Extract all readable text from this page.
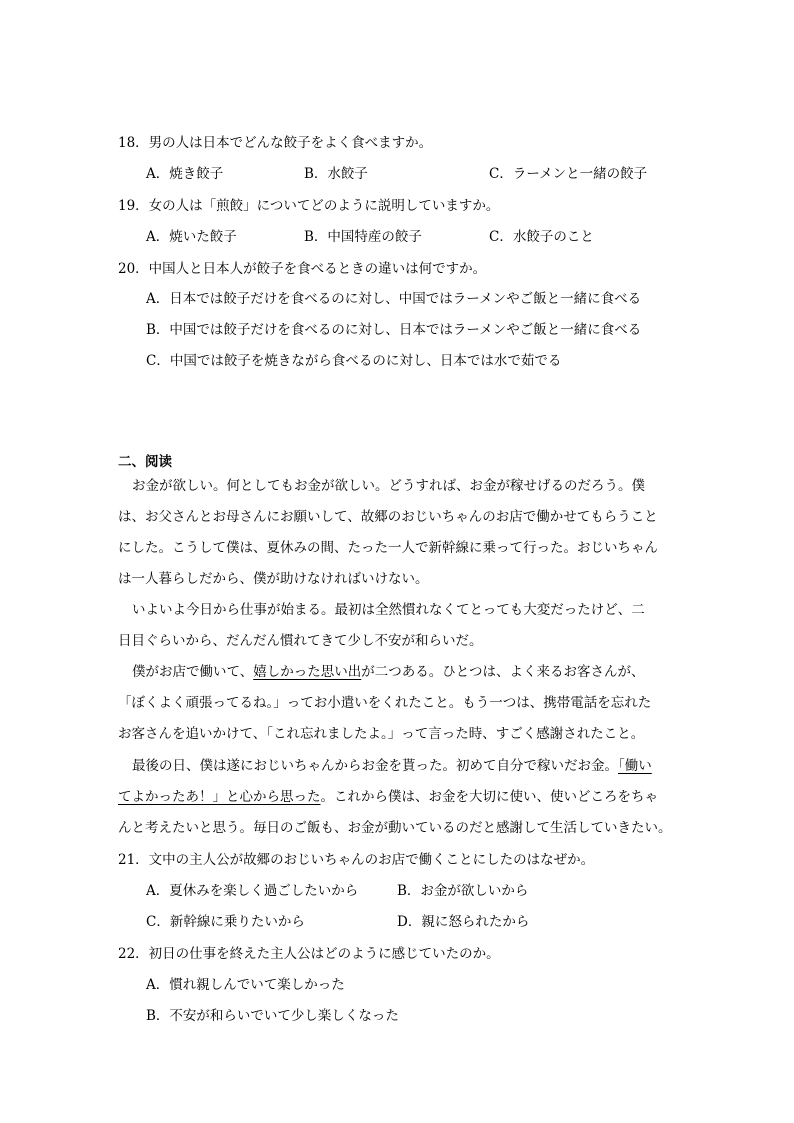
18．男の人は日本でどんな餃子をよく食べますか。
A．焼き餃子	B．水餃子	C．ラーメンと一緒の餃子
19．女の人は「煎餃」についてどのように説明していますか。
A．焼いた餃子	B．中国特産の餃子	C．水餃子のこと
20．中国人と日本人が餃子を食べるときの違いは何ですか。
A．日本では餃子だけを食べるのに対し、中国ではラーメンやご飯と一緒に食べる
B．中国では餃子だけを食べるのに対し、日本ではラーメンやご飯と一緒に食べる
C．中国では餃子を焼きながら食べるのに対し、日本では水で茹でる
二、阅读
お金が欲しい。何としてもお金が欲しい。どうすれば、お金が稼せげるのだろう。僕
は、お父さんとお母さんにお願いして、故郷のおじいちゃんのお店で働かせてもらうこと
にした。こうして僕は、夏休みの間、たった一人で新幹線に乗って行った。おじいちゃん
は一人暮らしだから、僕が助けなければいけない。
いよいよ今日から仕事が始まる。最初は全然慣れなくてとっても大変だったけど、二
日目ぐらいから、だんだん慣れてきて少し不安が和らいだ。
僕がお店で働いて、嬉しかった思い出が二つある。ひとつは、よく来るお客さんが、
「ぼくよく頑張ってるね。」ってお小遣いをくれたこと。もう一つは、携帯電話を忘れた
お客さんを追いかけて、「これ忘れましたよ。」って言った時、すごく感謝されたこと。
最後の日、僕は遂におじいちゃんからお金を貰った。初めて自分で稼いだお金。「働い
てよかったあ！」と心から思った。これから僕は、お金を大切に使い、使いどころをちゃ
んと考えたいと思う。毎日のご飯も、お金が動いているのだと感謝して生活していきたい。
21．文中の主人公が故郷のおじいちゃんのお店で働くことにしたのはなぜか。
A．夏休みを楽しく過ごしたいから	B．お金が欲しいから
C．新幹線に乗りたいから	D．親に怒られたから
22．初日の仕事を終えた主人公はどのように感じていたのか。
A．慣れ親しんでいて楽しかった
B．不安が和らいでいて少し楽しくなった
